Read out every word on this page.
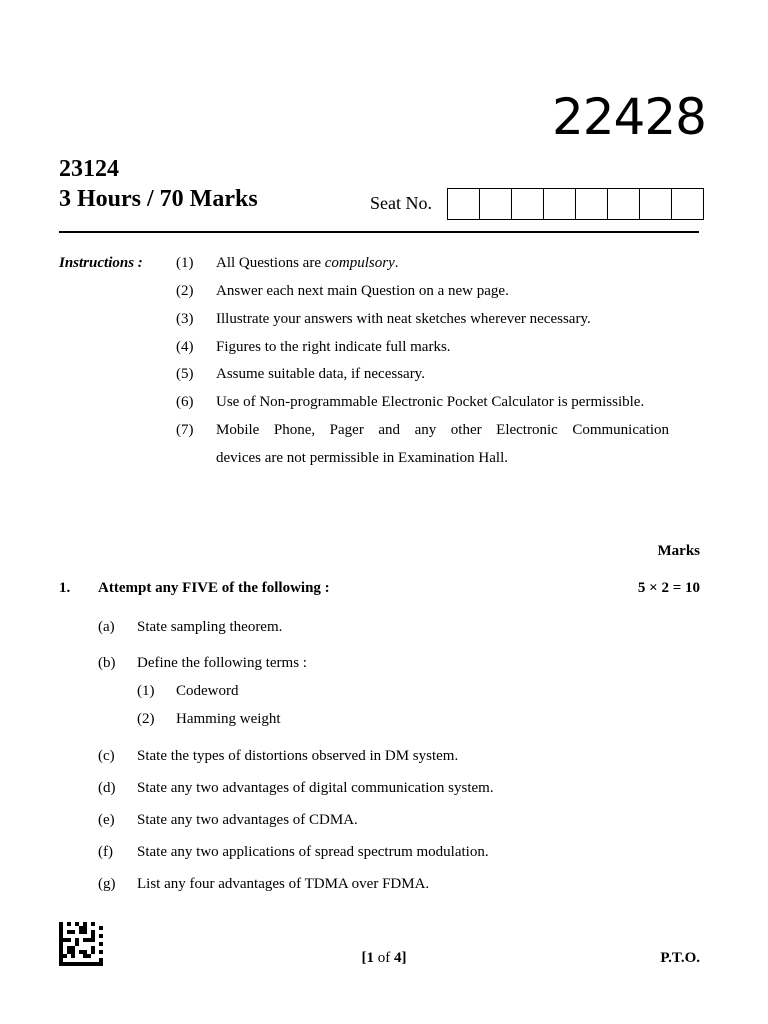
22428
23124
3 Hours / 70 Marks	Seat No.
Instructions : (1) All Questions are compulsory.
(2) Answer each next main Question on a new page.
(3) Illustrate your answers with neat sketches wherever necessary.
(4) Figures to the right indicate full marks.
(5) Assume suitable data, if necessary.
(6) Use of Non-programmable Electronic Pocket Calculator is permissible.
(7) Mobile Phone, Pager and any other Electronic Communication
devices are not permissible in Examination Hall.
Marks
1. Attempt any FIVE of the following :	5 × 2 = 10
(a) State sampling theorem.
(b) Define the following terms :
(1) Codeword
(2) Hamming weight
(c) State the types of distortions observed in DM system.
(d) State any two advantages of digital communication system.
(e) State any two advantages of CDMA.
(f) State any two applications of spread spectrum modulation.
(g) List any four advantages of TDMA over FDMA.
[1 of 4]	P.T.O.
